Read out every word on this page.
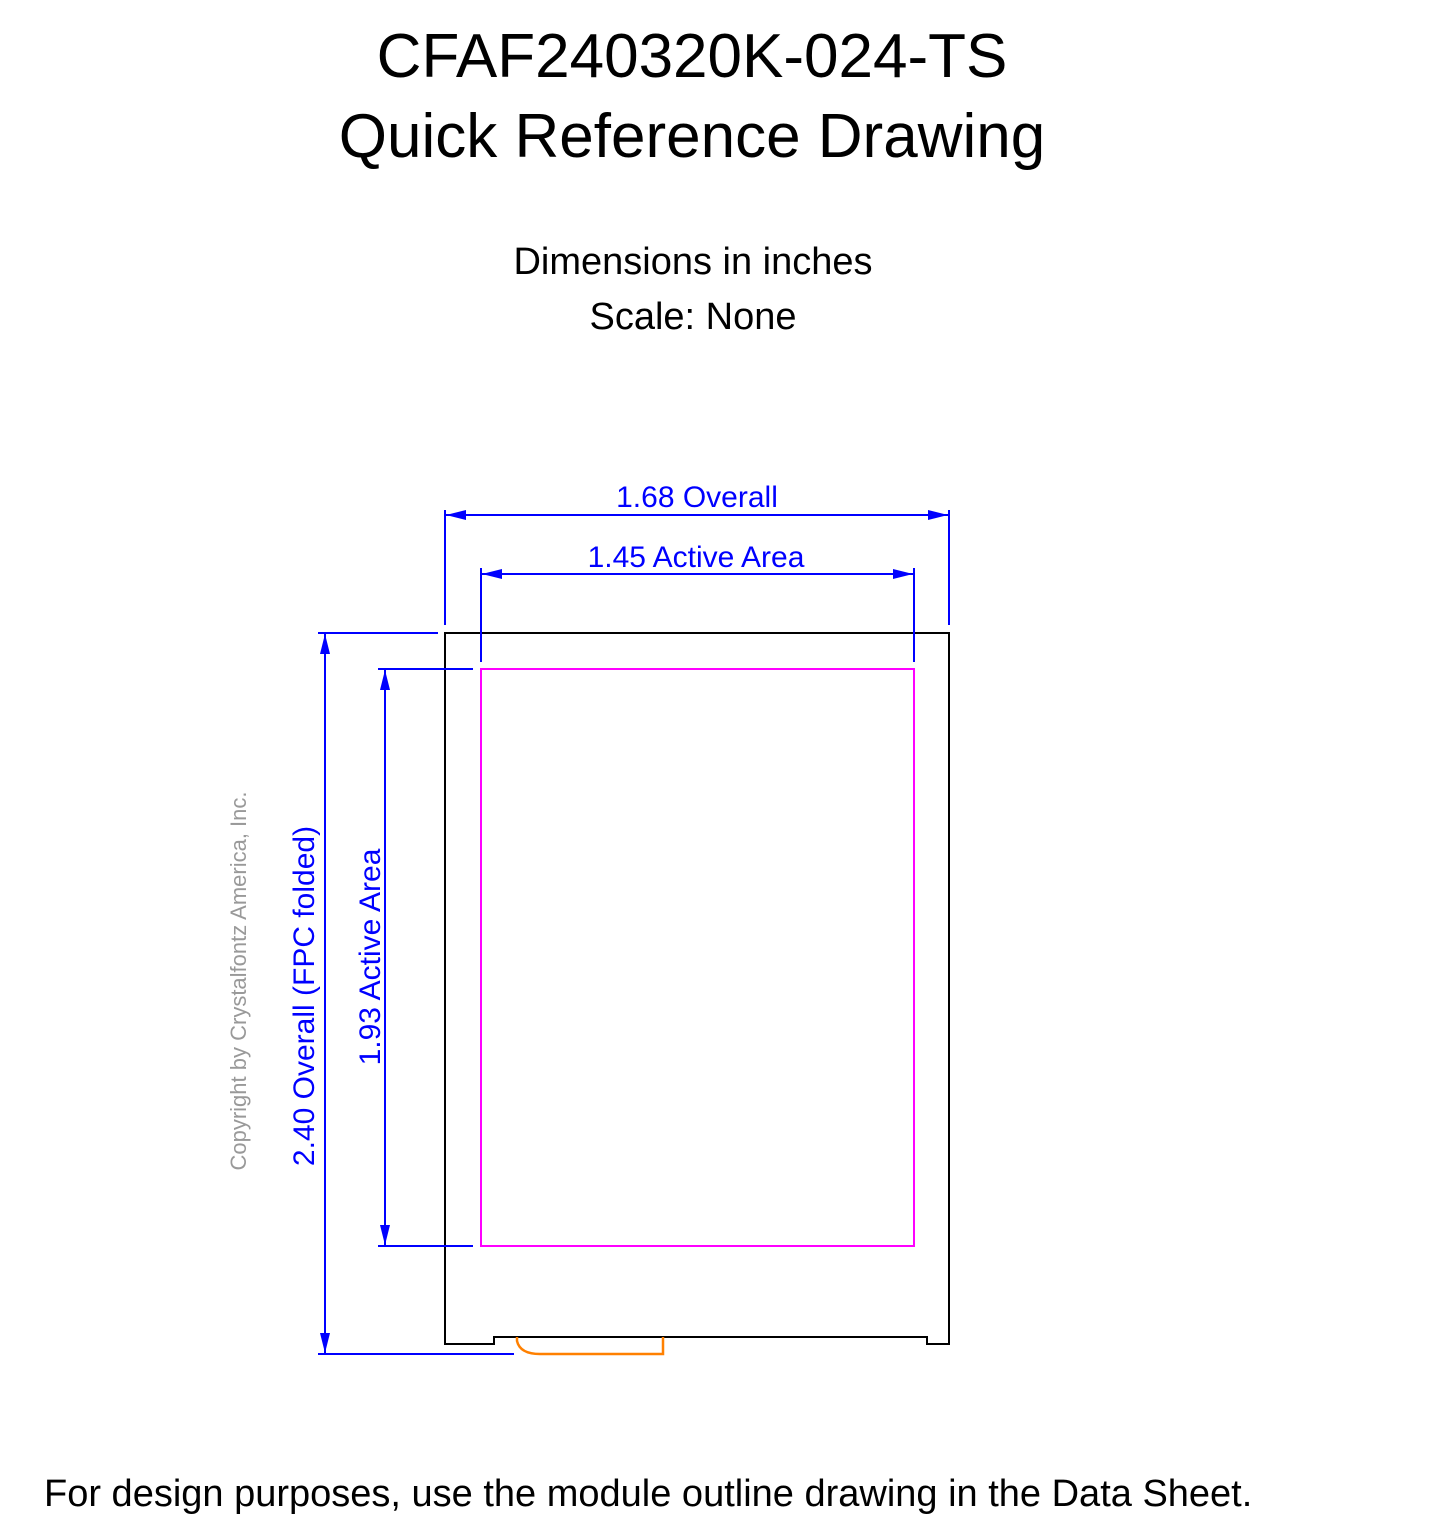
CFAF240320K-024-TS
Quick Reference Drawing
Dimensions in inches
Scale: None
1.68 Overall
1.45 Active Area
2.40 Overall (FPC folded) 1.93 Active Area
Copyright by Crystalfontz America, Inc.
For design purposes, use the module outline drawing in the Data Sheet.
